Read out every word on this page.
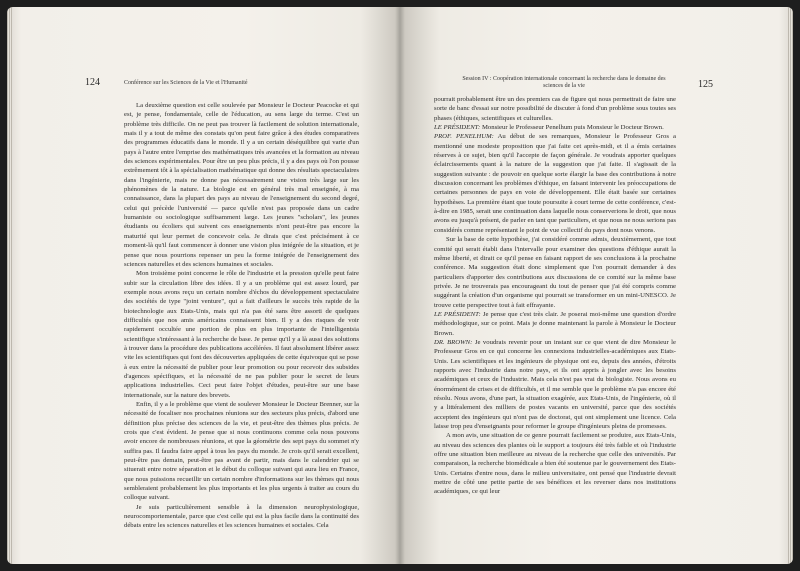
124	Conférence sur les Sciences de la Vie et l'Humanité

La deuxième question est celle soulevée par Monsieur le Docteur Peacocke et qui est, je pense, fondamentale, celle de l'éducation, au sens large du terme. C'est un problème très difficile. On ne peut pas trouver là facilement de solution internationale, mais il y a tout de même des constats qu'on peut faire grâce à des études comparatives des programmes éducatifs dans le monde. Il y a un certain déséquilibre qui varie d'un pays à l'autre entre l'emprise des mathématiques très avancées et la formation au niveau des sciences expérimentales. Pour être un peu plus précis, il y a des pays où l'on pousse extrêmement tôt à la spécialisation mathématique qui donne des résultats spectaculaires dans l'ingénierie, mais ne donne pas nécessairement une vision très large sur les phénomènes de la nature. La biologie est en général très mal enseignée, à ma connaissance, dans la plupart des pays au niveau de l'enseignement du second degré, celui qui précède l'université — parce qu'elle n'est pas proposée dans un cadre humaniste ou sociologique suffisamment large. Les jeunes "scholars", les jeunes étudiants ou écoliers qui suivent ces enseignements n'ont peut-être pas encore la maturité qui leur permet de concevoir cela. Je dirais que c'est précisément à ce moment-là qu'il faut commencer à donner une vision plus intégrée de la situation, et je pense que nous pourrions repenser un peu la forme intégrée de l'enseignement des sciences naturelles et des sciences humaines et sociales.

Mon troisième point concerne le rôle de l'industrie et la pression qu'elle peut faire subir sur la circulation libre des idées. Il y a un problème qui est assez lourd, par exemple nous avons reçu un certain nombre d'échos du développement spectaculaire des sociétés de type "joint venture", qui a fait d'ailleurs le succès très rapide de la biotechnologie aux Etats-Unis, mais qui n'a pas été sans être assorti de quelques difficultés que nos amis américains connaissent bien. Il y a des risques de voir rapidement occultée une portion de plus en plus importante de l'intelligentsia scientifique s'intéressant à la recherche de base. Je pense qu'il y a là aussi des solutions à trouver dans la procédure des publications accélérées. Il faut absolument libérer assez vite les scientifiques qui font des découvertes appliquées de cette équivoque qui se pose à eux entre la nécessité de publier pour leur promotion ou pour recevoir des subsides d'agences spécifiques, et la nécessité de ne pas publier pour le secret de leurs applications industrielles. Ceci peut faire l'objet d'études, peut-être sur une base internationale, sur la nature des brevets.

Enfin, il y a le problème que vient de soulever Monsieur le Docteur Brenner, sur la nécessité de focaliser nos prochaines réunions sur des secteurs plus précis, d'abord une définition plus précise des sciences de la vie, et peut-être des thèmes plus précis. Je crois que c'est évident. Je pense que si nous continuons comme cela nous pouvons avoir encore de nombreuses réunions, et que la géométrie des sept pays du sommet n'y suffira pas. Il faudra faire appel à tous les pays du monde. Je crois qu'il serait excellent, peut-être pas demain, peut-être pas avant de partir, mais dans le calendrier qui se situerait entre notre séparation et le début du colloque suivant qui aura lieu en France, que nous puissions recueillir un certain nombre d'informations sur les thèmes qui nous sembleraient probablement les plus importants et les plus urgents à traiter au cours du colloque suivant.

Je suis particulièrement sensible à la dimension neurophysiologique, neurocomportementale, parce que c'est celle qui est la plus facile dans la continuité des débats entre les sciences naturelles et les sciences humaines et sociales. Cela

Session IV : Coopération internationale concernant la recherche dans le domaine des sciences de la vie	125

pourrait probablement être un des premiers cas de figure qui nous permettrait de faire une sorte de banc d'essai sur notre possibilité de discuter à fond d'un problème sous toutes ses phases (éthiques, scientifiques et culturelles.

LE PRÉSIDENT: Monsieur le Professeur Penelhum puis Monsieur le Docteur Brown.

PROF. PENELHUM: Au début de ses remarques, Monsieur le Professeur Gros a mentionné une modeste proposition que j'ai faite cet après-midi, et il a émis certaines réserves à ce sujet, bien qu'il l'accepte de façon générale. Je voudrais apporter quelques éclaircissements quant à la nature de la suggestion que j'ai faite. Il s'agissait de la suggestion suivante : de pouvoir en quelque sorte élargir la base des contributions à notre discussion concernant les problèmes d'éthique, en faisant intervenir les préoccupations de certaines personnes de pays en voie de développement. Elle était basée sur certaines hypothèses. La première étant que toute poursuite à court terme de cette conférence, c'est-à-dire en 1985, serait une continuation dans laquelle nous conserverions le droit, que nous avons eu jusqu'à présent, de parler en tant que particuliers, et que nous ne nous serions pas considérés comme représentant le point de vue collectif du pays dont nous venons.

Sur la base de cette hypothèse, j'ai considéré comme admis, deuxièmement, que tout comité qui serait établi dans l'intervalle pour examiner des questions d'éthique aurait la même liberté, et dirait ce qu'il pense en faisant rapport de ses conclusions à la prochaine conférence. Ma suggestion était donc simplement que l'on pourrait demander à des particuliers d'apporter des contributions aux discussions de ce comité sur la même base privée. Je ne trouverais pas encourageant du tout de penser que j'ai été compris comme suggérant la création d'un organisme qui pourrait se transformer en un mini-UNESCO. Je trouve cette perspective tout à fait effrayante.

LE PRÉSIDENT: Je pense que c'est très clair. Je poserai moi-même une question d'ordre méthodologique, sur ce point. Mais je donne maintenant la parole à Monsieur le Docteur Brown.

DR. BROWN: Je voudrais revenir pour un instant sur ce que vient de dire Monsieur le Professeur Gros en ce qui concerne les connexions industrielles-académiques aux Etats-Unis. Les scientifiques et les ingénieurs de physique ont eu, depuis des années, d'étroits rapports avec l'industrie dans notre pays, et ils ont appris à jongler avec les besoins académiques et ceux de l'industrie. Mais cela n'est pas vrai du biologiste. Nous avons eu énormément de crises et de difficultés, et il me semble que le problème n'a pas encore été résolu. Nous avons, d'une part, la situation exagérée, aux Etats-Unis, de l'ingénierie, où il y a littéralement des milliers de postes vacants en université, parce que des sociétés acceptent des ingénieurs qui n'ont pas de doctorat, qui ont simplement une licence. Cela laisse trop peu d'enseignants pour reformer le groupe d'ingénieurs pleins de promesses.

A mon avis, une situation de ce genre pourrait facilement se produire, aux Etats-Unis, au niveau des sciences des plantes où le support a toujours été très faible et où l'industrie offre une situation bien meilleure au niveau de la recherche que celle des universités. Par comparaison, la recherche biomédicale a bien été soutenue par le gouvernement des Etats-Unis. Certains d'entre nous, dans le milieu universitaire, ont pensé que l'industrie devrait mettre de côté une petite partie de ses bénéfices et les reverser dans nos institutions académiques, ce qui leur
